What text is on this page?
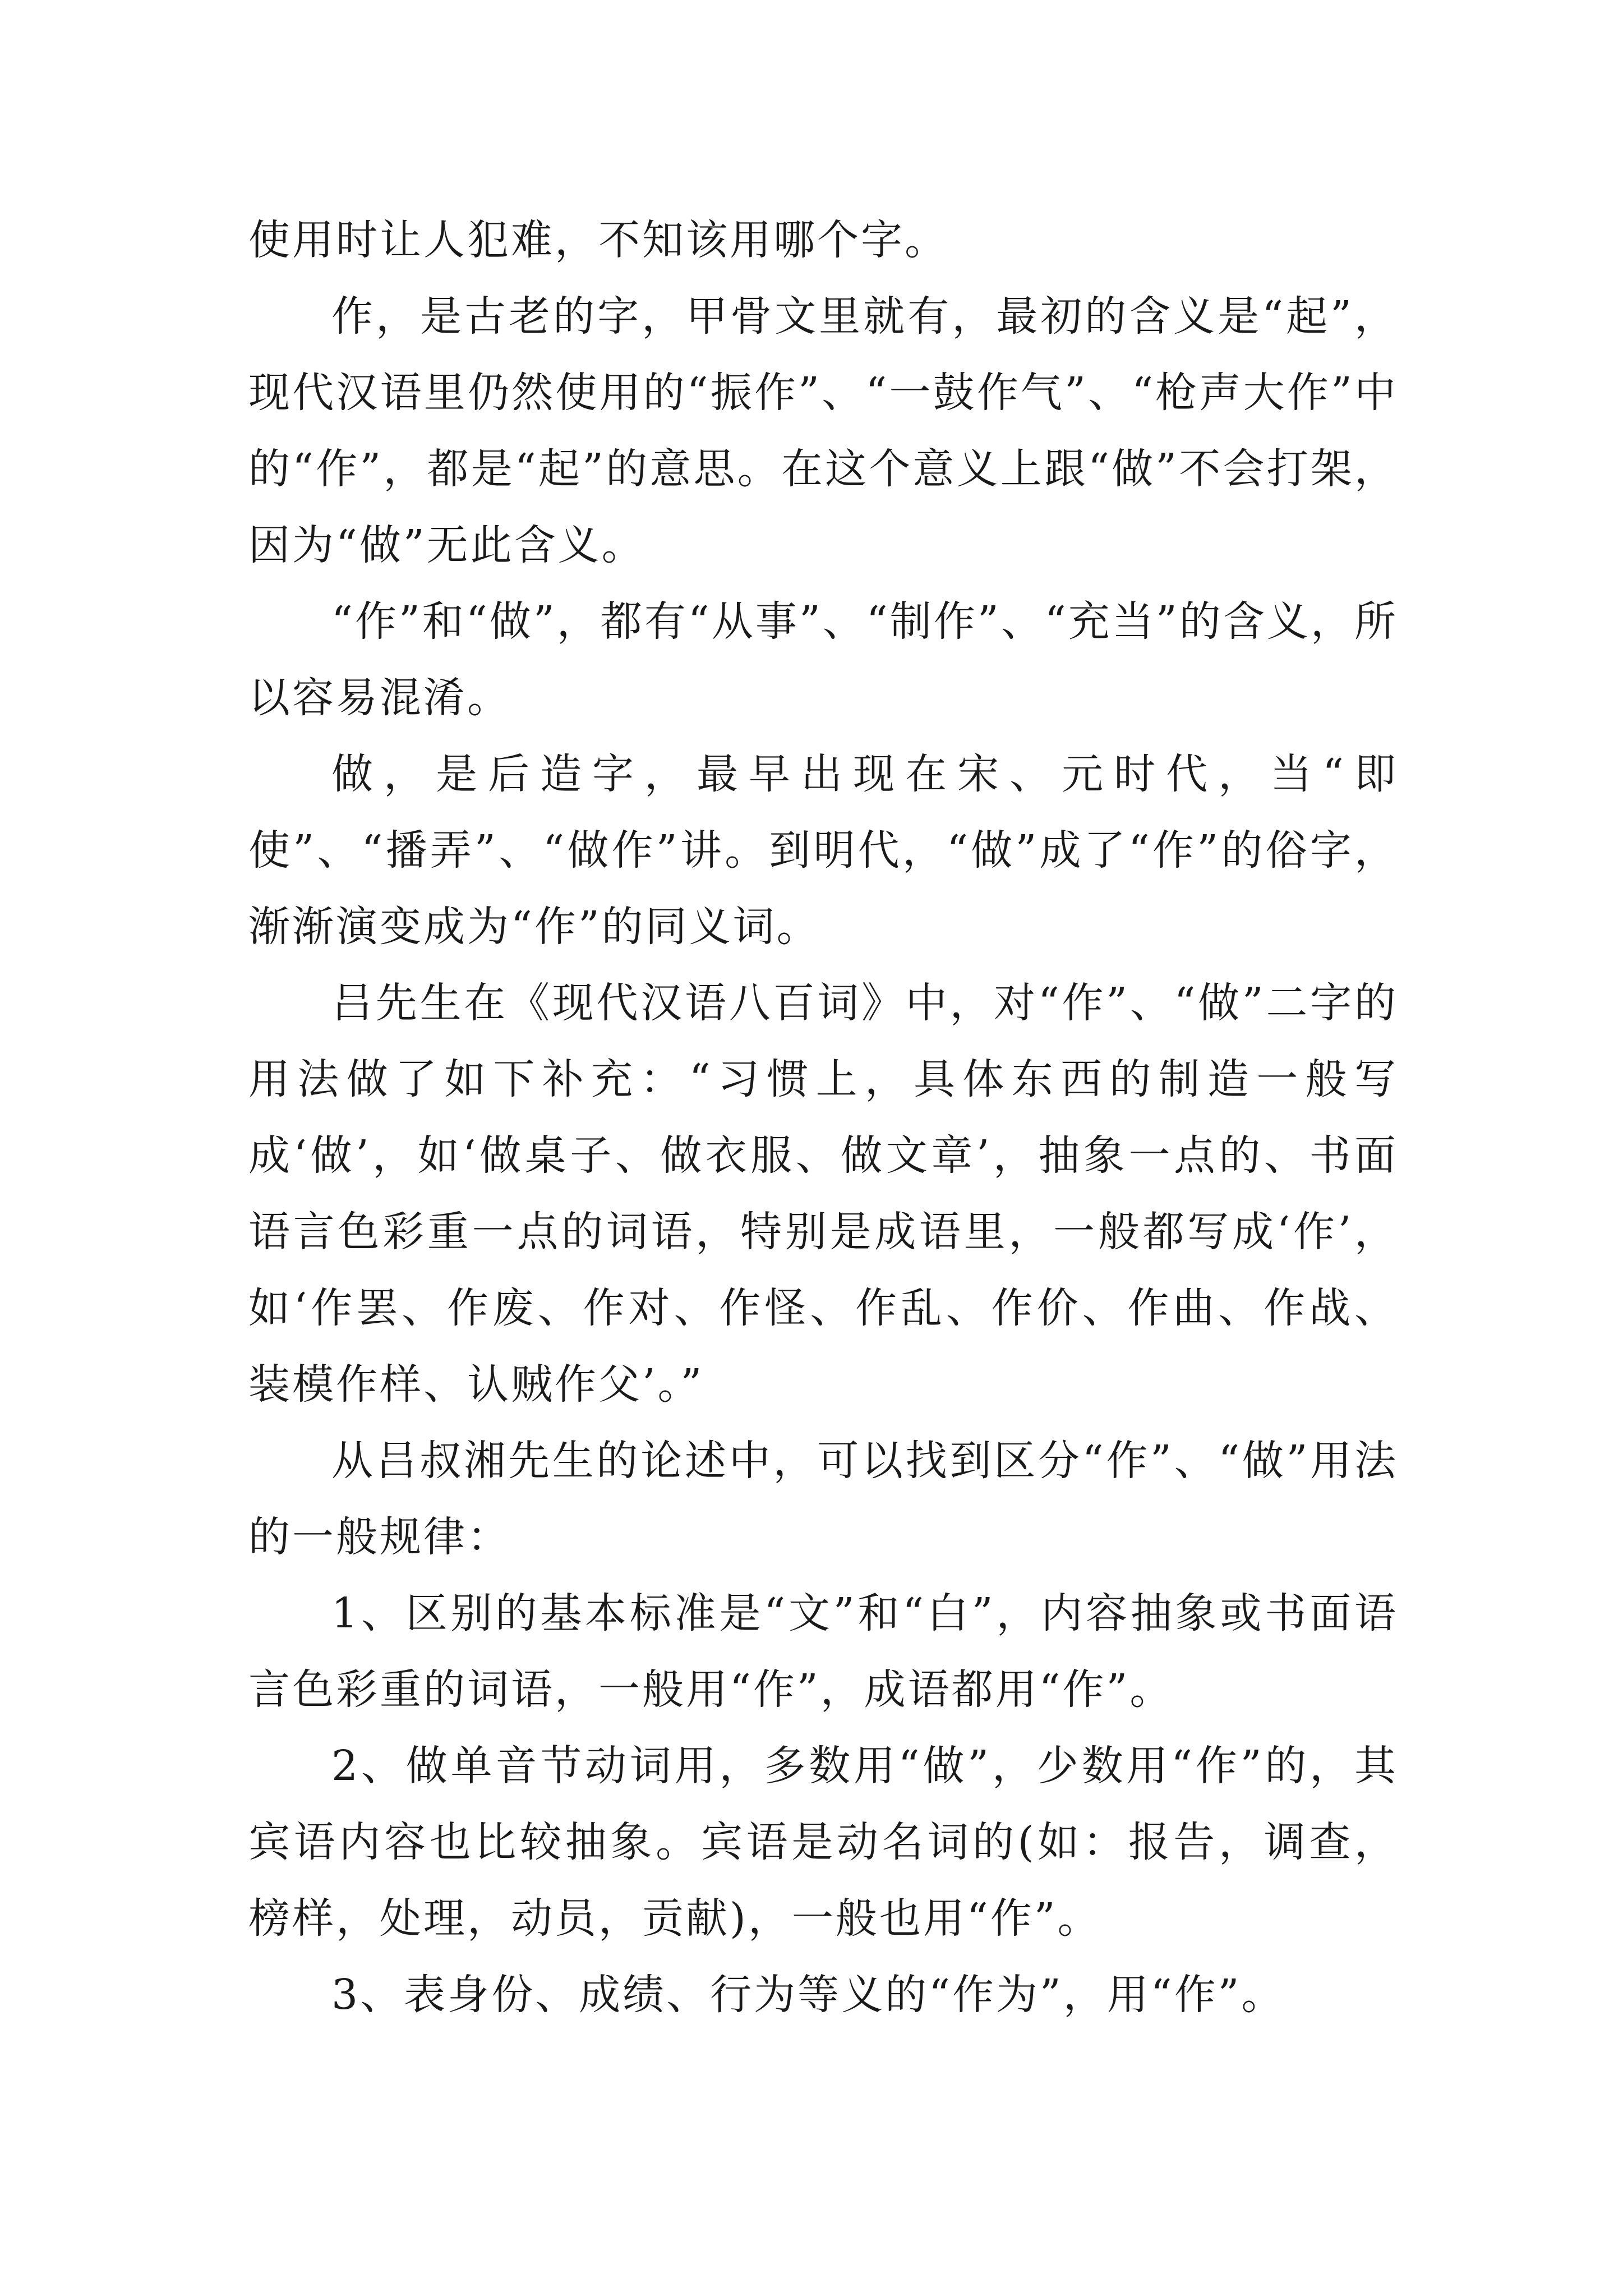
使用时让人犯难，不知该用哪个字。

作，是古老的字，甲骨文里就有，最初的含义是“起”，现代汉语里仍然使用的“振作”、“一鼓作气”、“枪声大作”中的“作”，都是“起”的意思。在这个意义上跟“做”不会打架，因为“做”无此含义。

“作”和“做”，都有“从事”、“制作”、“充当”的含义，所以容易混淆。

做，是后造字，最早出现在宋、元时代，当“即使”、“播弄”、“做作”讲。到明代，“做”成了“作”的俗字，渐渐演变成为“作”的同义词。

吕先生在《现代汉语八百词》中，对“作”、“做”二字的用法做了如下补充：“习惯上，具体东西的制造一般写成‘做’，如‘做桌子、做衣服、做文章’，抽象一点的、书面语言色彩重一点的词语，特别是成语里，一般都写成‘作’，如‘作罢、作废、作对、作怪、作乱、作价、作曲、作战、装模作样、认贼作父’。”

从吕叔湘先生的论述中，可以找到区分“作”、“做”用法的一般规律：

1、区别的基本标准是“文”和“白”，内容抽象或书面语言色彩重的词语，一般用“作”，成语都用“作”。

2、做单音节动词用，多数用“做”，少数用“作”的，其宾语内容也比较抽象。宾语是动名词的(如：报告，调查，榜样，处理，动员，贡献)，一般也用“作”。

3、表身份、成绩、行为等义的“作为”，用“作”。
